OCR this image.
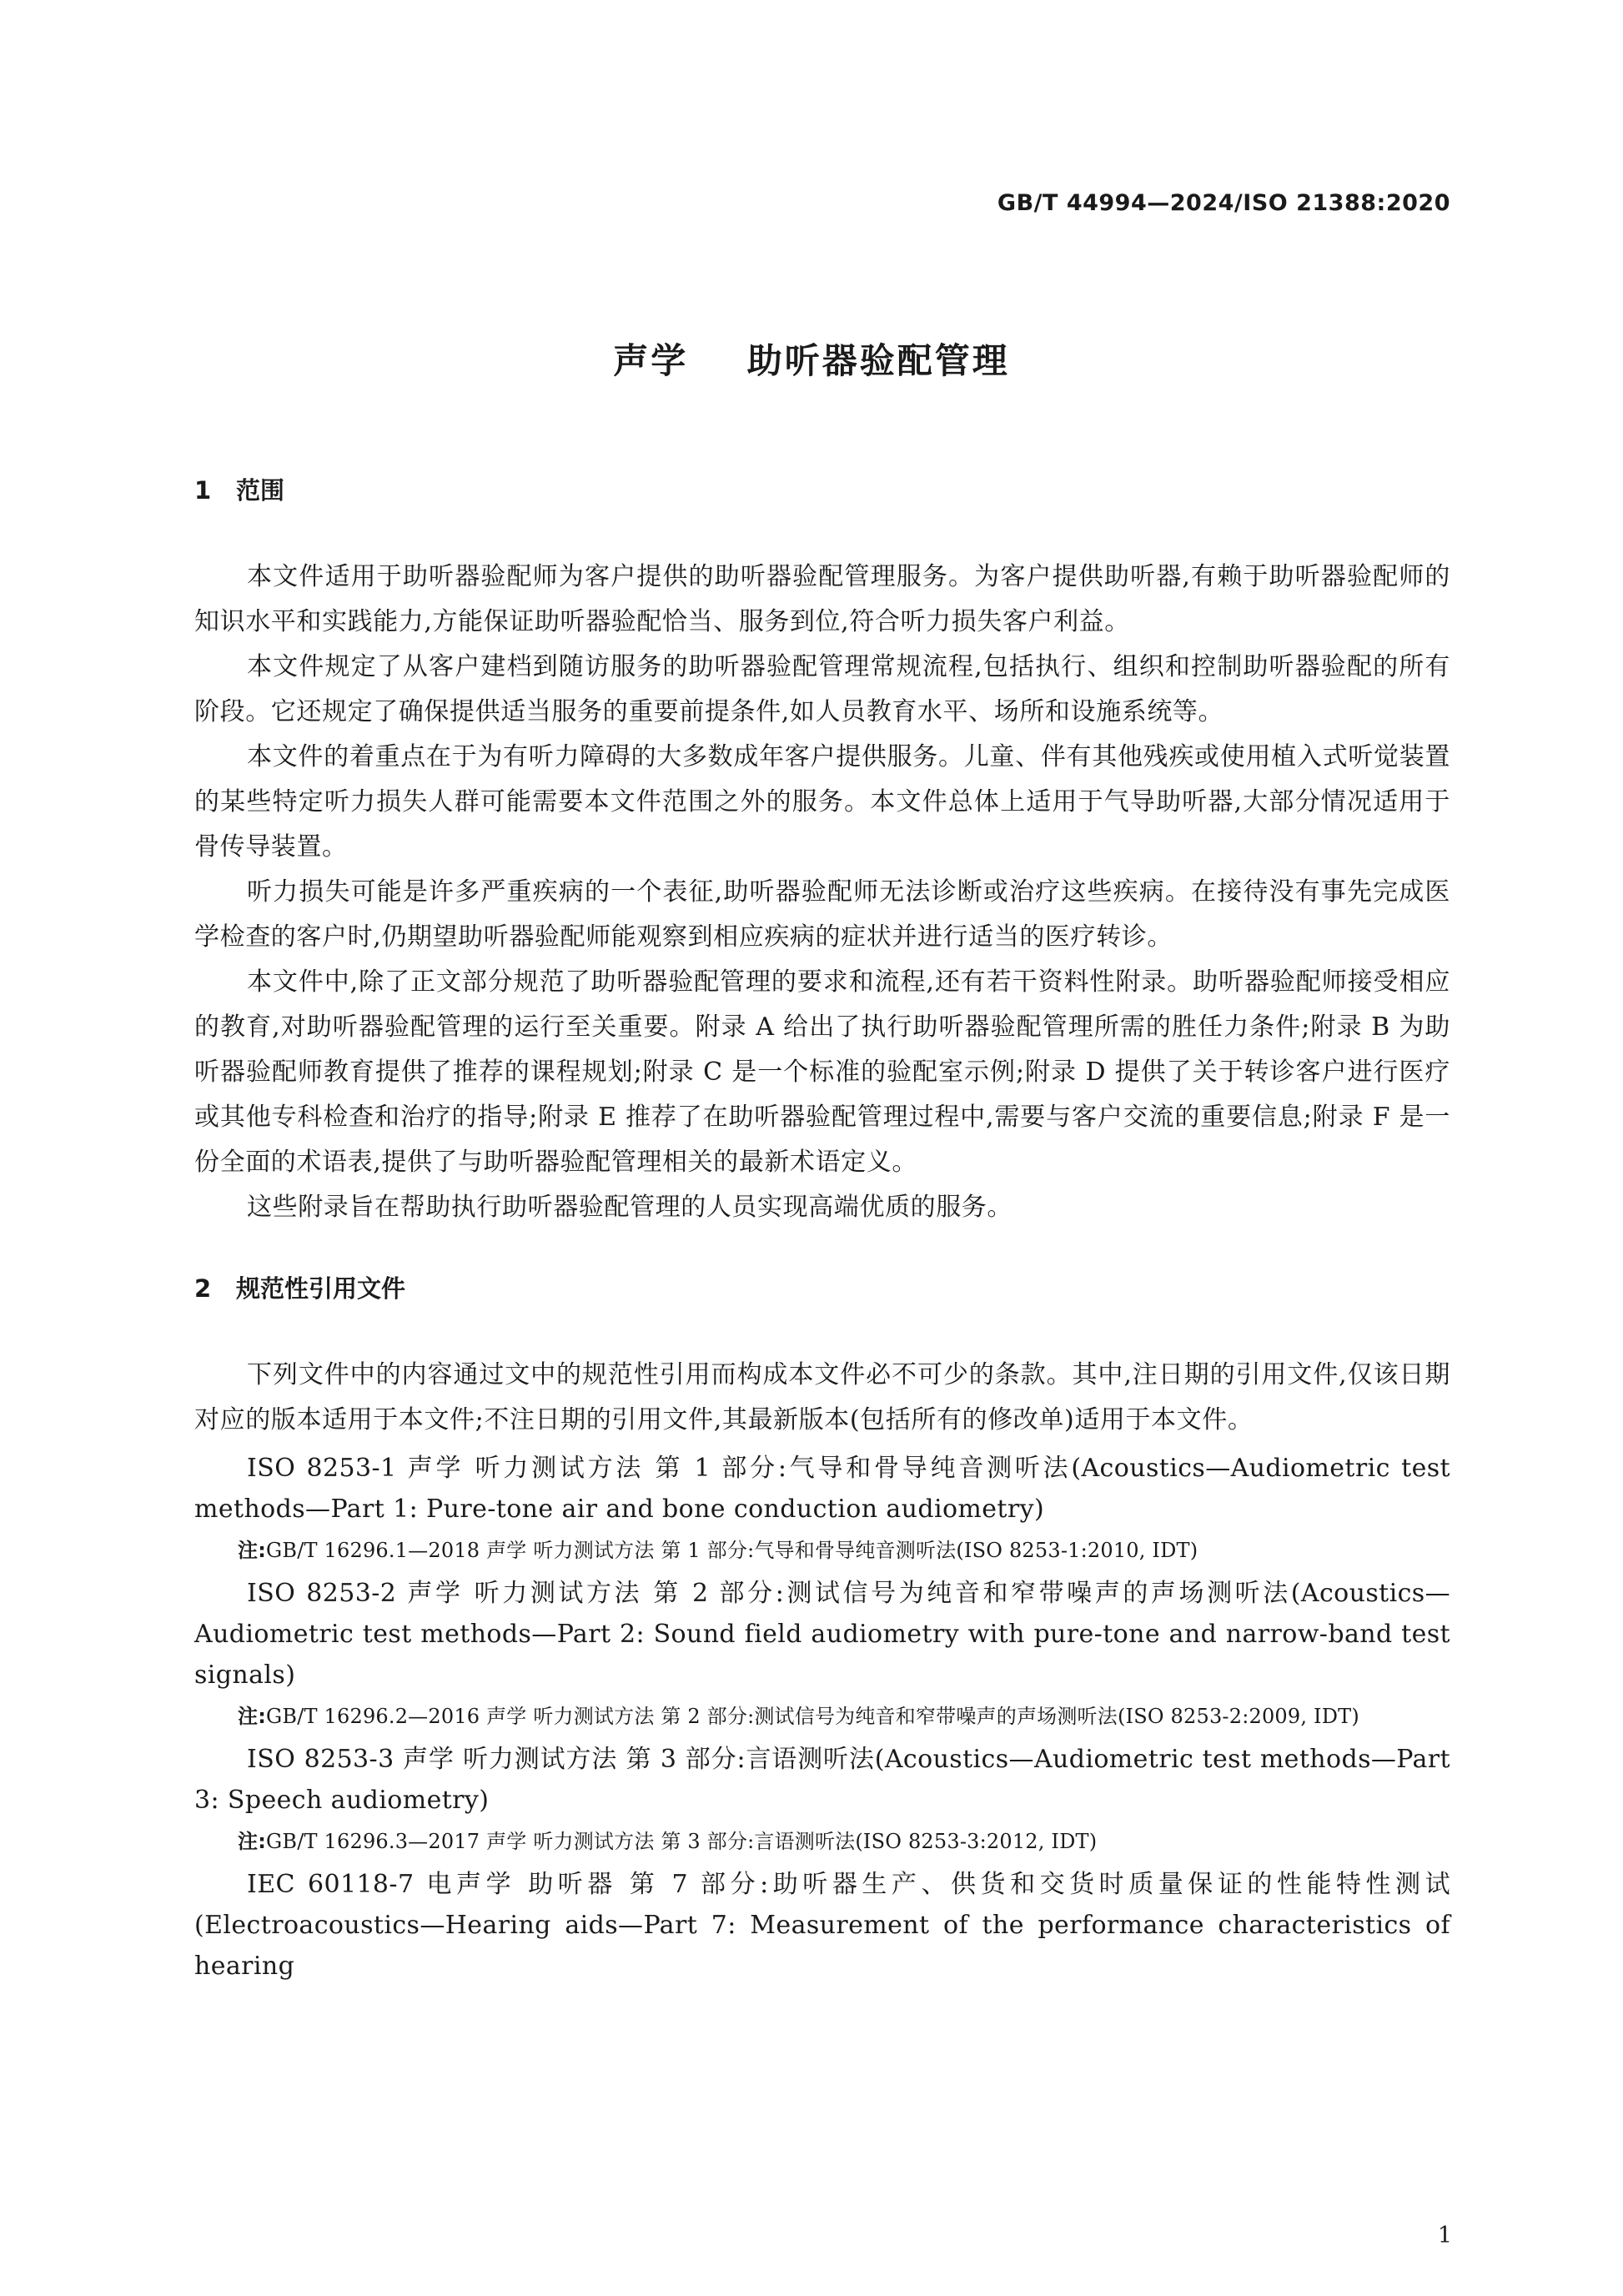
GB/T 44994—2024/ISO 21388:2020
声学    助听器验配管理
1 范围

本文件适用于助听器验配师为客户提供的助听器验配管理服务。为客户提供助听器,有赖于助听器验配师的知识水平和实践能力,方能保证助听器验配恰当、服务到位,符合听力损失客户利益。

本文件规定了从客户建档到随访服务的助听器验配管理常规流程,包括执行、组织和控制助听器验配的所有阶段。它还规定了确保提供适当服务的重要前提条件,如人员教育水平、场所和设施系统等。

本文件的着重点在于为有听力障碍的大多数成年客户提供服务。儿童、伴有其他残疾或使用植入式听觉装置的某些特定听力损失人群可能需要本文件范围之外的服务。本文件总体上适用于气导助听器,大部分情况适用于骨传导装置。

听力损失可能是许多严重疾病的一个表征,助听器验配师无法诊断或治疗这些疾病。在接待没有事先完成医学检查的客户时,仍期望助听器验配师能观察到相应疾病的症状并进行适当的医疗转诊。

本文件中,除了正文部分规范了助听器验配管理的要求和流程,还有若干资料性附录。助听器验配师接受相应的教育,对助听器验配管理的运行至关重要。附录 A 给出了执行助听器验配管理所需的胜任力条件;附录 B 为助听器验配师教育提供了推荐的课程规划;附录 C 是一个标准的验配室示例;附录 D 提供了关于转诊客户进行医疗或其他专科检查和治疗的指导;附录 E 推荐了在助听器验配管理过程中,需要与客户交流的重要信息;附录 F 是一份全面的术语表,提供了与助听器验配管理相关的最新术语定义。

这些附录旨在帮助执行助听器验配管理的人员实现高端优质的服务。

2 规范性引用文件

下列文件中的内容通过文中的规范性引用而构成本文件必不可少的条款。其中,注日期的引用文件,仅该日期对应的版本适用于本文件;不注日期的引用文件,其最新版本(包括所有的修改单)适用于本文件。

ISO 8253-1 声学 听力测试方法 第 1 部分:气导和骨导纯音测听法(Acoustics—Audiometric test methods—Part 1: Pure-tone air and bone conduction audiometry)

注:GB/T 16296.1—2018 声学 听力测试方法 第 1 部分:气导和骨导纯音测听法(ISO 8253-1:2010, IDT)

ISO 8253-2 声学 听力测试方法 第 2 部分:测试信号为纯音和窄带噪声的声场测听法(Acoustics—Audiometric test methods—Part 2: Sound field audiometry with pure-tone and narrow-band test signals)

注:GB/T 16296.2—2016 声学 听力测试方法 第 2 部分:测试信号为纯音和窄带噪声的声场测听法(ISO 8253-2:2009, IDT)

ISO 8253-3 声学 听力测试方法 第 3 部分:言语测听法(Acoustics—Audiometric test methods—Part 3: Speech audiometry)

注:GB/T 16296.3—2017 声学 听力测试方法 第 3 部分:言语测听法(ISO 8253-3:2012, IDT)

IEC 60118-7 电声学 助听器 第 7 部分:助听器生产、供货和交货时质量保证的性能特性测试(Electroacoustics—Hearing aids—Part 7: Measurement of the performance characteristics of hearing

1
